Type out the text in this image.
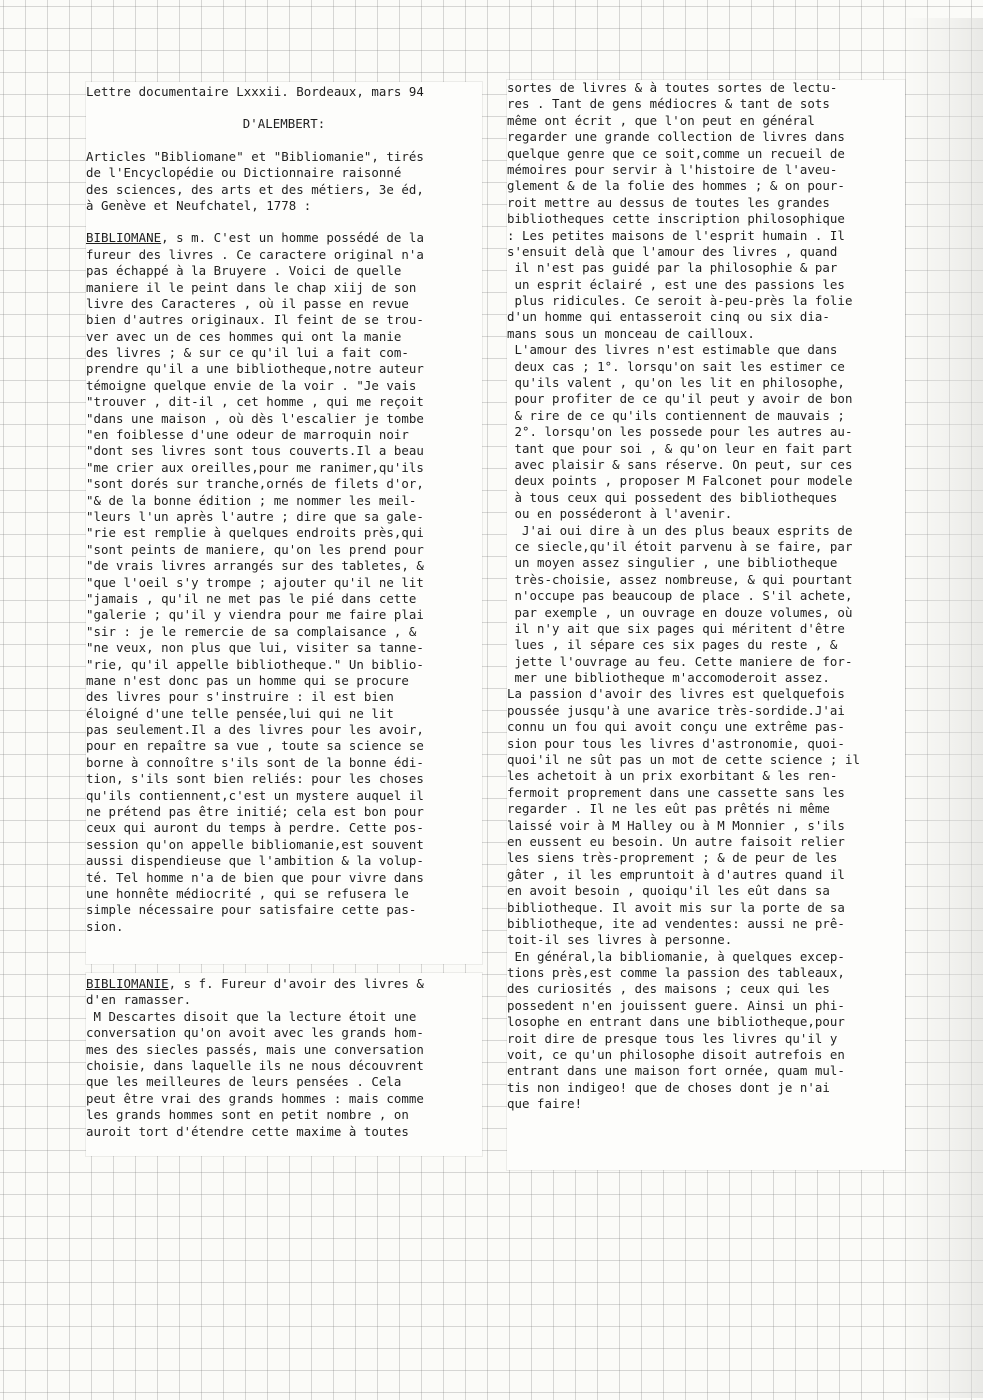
Lettre documentaire Lxxxii. Bordeaux, mars 94
D'ALEMBERT:
Articles "Bibliomane" et "Bibliomanie", tirés
de l'Encyclopédie ou Dictionnaire raisonné
des sciences, des arts et des métiers, 3e éd,
à Genève et Neufchatel, 1778 :
BIBLIOMANE, s m. C'est un homme possédé de la
fureur des livres . Ce caractere original n'a
pas échappé à la Bruyere . Voici de quelle
maniere il le peint dans le chap xiij de son
livre des Caracteres , où il passe en revue
bien d'autres originaux. Il feint de se trou-
ver avec un de ces hommes qui ont la manie
des livres ; & sur ce qu'il lui a fait com-
prendre qu'il a une bibliotheque,notre auteur
témoigne quelque envie de la voir . "Je vais
"trouver , dit-il , cet homme , qui me reçoit
"dans une maison , où dès l'escalier je tombe
"en foiblesse d'une odeur de marroquin noir
"dont ses livres sont tous couverts.Il a beau
"me crier aux oreilles,pour me ranimer,qu'ils
"sont dorés sur tranche,ornés de filets d'or,
"& de la bonne édition ; me nommer les meil-
"leurs l'un après l'autre ; dire que sa gale-
"rie est remplie à quelques endroits près,qui
"sont peints de maniere, qu'on les prend pour
"de vrais livres arrangés sur des tabletes, &
"que l'oeil s'y trompe ; ajouter qu'il ne lit
"jamais , qu'il ne met pas le pié dans cette
"galerie ; qu'il y viendra pour me faire plai
"sir : je le remercie de sa complaisance , &
"ne veux, non plus que lui, visiter sa tanne-
"rie, qu'il appelle bibliotheque." Un biblio-
mane n'est donc pas un homme qui se procure
des livres pour s'instruire : il est bien
éloigné d'une telle pensée,lui qui ne lit
pas seulement.Il a des livres pour les avoir,
pour en repaître sa vue , toute sa science se
borne à connoître s'ils sont de la bonne édi-
tion, s'ils sont bien reliés: pour les choses
qu'ils contiennent,c'est un mystere auquel il
ne prétend pas être initié; cela est bon pour
ceux qui auront du temps à perdre. Cette pos-
session qu'on appelle bibliomanie,est souvent
aussi dispendieuse que l'ambition & la volup-
té. Tel homme n'a de bien que pour vivre dans
une honnête médiocrité , qui se refusera le
simple nécessaire pour satisfaire cette pas-
sion.
BIBLIOMANIE, s f. Fureur d'avoir des livres &
d'en ramasser.
M Descartes disoit que la lecture étoit une
conversation qu'on avoit avec les grands hom-
mes des siecles passés, mais une conversation
choisie, dans laquelle ils ne nous découvrent
que les meilleures de leurs pensées . Cela
peut être vrai des grands hommes : mais comme
les grands hommes sont en petit nombre , on
auroit tort d'étendre cette maxime à toutes
sortes de livres & à toutes sortes de lectu-
res . Tant de gens médiocres & tant de sots
même ont écrit , que l'on peut en général
regarder une grande collection de livres dans
quelque genre que ce soit,comme un recueil de
mémoires pour servir à l'histoire de l'aveu-
glement & de la folie des hommes ; & on pour-
roit mettre au dessus de toutes les grandes
bibliotheques cette inscription philosophique
: Les petites maisons de l'esprit humain . Il
s'ensuit delà que l'amour des livres , quand
il n'est pas guidé par la philosophie & par
un esprit éclairé , est une des passions les
plus ridicules. Ce seroit à-peu-près la folie
d'un homme qui entasseroit cinq ou six dia-
mans sous un monceau de cailloux.
L'amour des livres n'est estimable que dans
deux cas ; 1°. lorsqu'on sait les estimer ce
qu'ils valent , qu'on les lit en philosophe,
pour profiter de ce qu'il peut y avoir de bon
& rire de ce qu'ils contiennent de mauvais ;
2°. lorsqu'on les possede pour les autres au-
tant que pour soi , & qu'on leur en fait part
avec plaisir & sans réserve. On peut, sur ces
deux points , proposer M Falconet pour modele
à tous ceux qui possedent des bibliotheques
ou en posséderont à l'avenir.
J'ai oui dire à un des plus beaux esprits de
ce siecle,qu'il étoit parvenu à se faire, par
un moyen assez singulier , une bibliotheque
très-choisie, assez nombreuse, & qui pourtant
n'occupe pas beaucoup de place . S'il achete,
par exemple , un ouvrage en douze volumes, où
il n'y ait que six pages qui méritent d'être
lues , il sépare ces six pages du reste , &
jette l'ouvrage au feu. Cette maniere de for-
mer une bibliotheque m'accomoderoit assez.
La passion d'avoir des livres est quelquefois
poussée jusqu'à une avarice très-sordide.J'ai
connu un fou qui avoit conçu une extrême pas-
sion pour tous les livres d'astronomie, quoi-
quoi'il ne sût pas un mot de cette science ; il
les achetoit à un prix exorbitant & les ren-
fermoit proprement dans une cassette sans les
regarder . Il ne les eût pas prêtés ni même
laissé voir à M Halley ou à M Monnier , s'ils
en eussent eu besoin. Un autre faisoit relier
les siens très-proprement ; & de peur de les
gâter , il les empruntoit à d'autres quand il
en avoit besoin , quoiqu'il les eût dans sa
bibliotheque. Il avoit mis sur la porte de sa
bibliotheque, ite ad vendentes: aussi ne prê-
toit-il ses livres à personne.
En général,la bibliomanie, à quelques excep-
tions près,est comme la passion des tableaux,
des curiosités , des maisons ; ceux qui les
possedent n'en jouissent guere. Ainsi un phi-
losophe en entrant dans une bibliotheque,pour
roit dire de presque tous les livres qu'il y
voit, ce qu'un philosophe disoit autrefois en
entrant dans une maison fort ornée, quam mul-
tis non indigeo! que de choses dont je n'ai
que faire!
